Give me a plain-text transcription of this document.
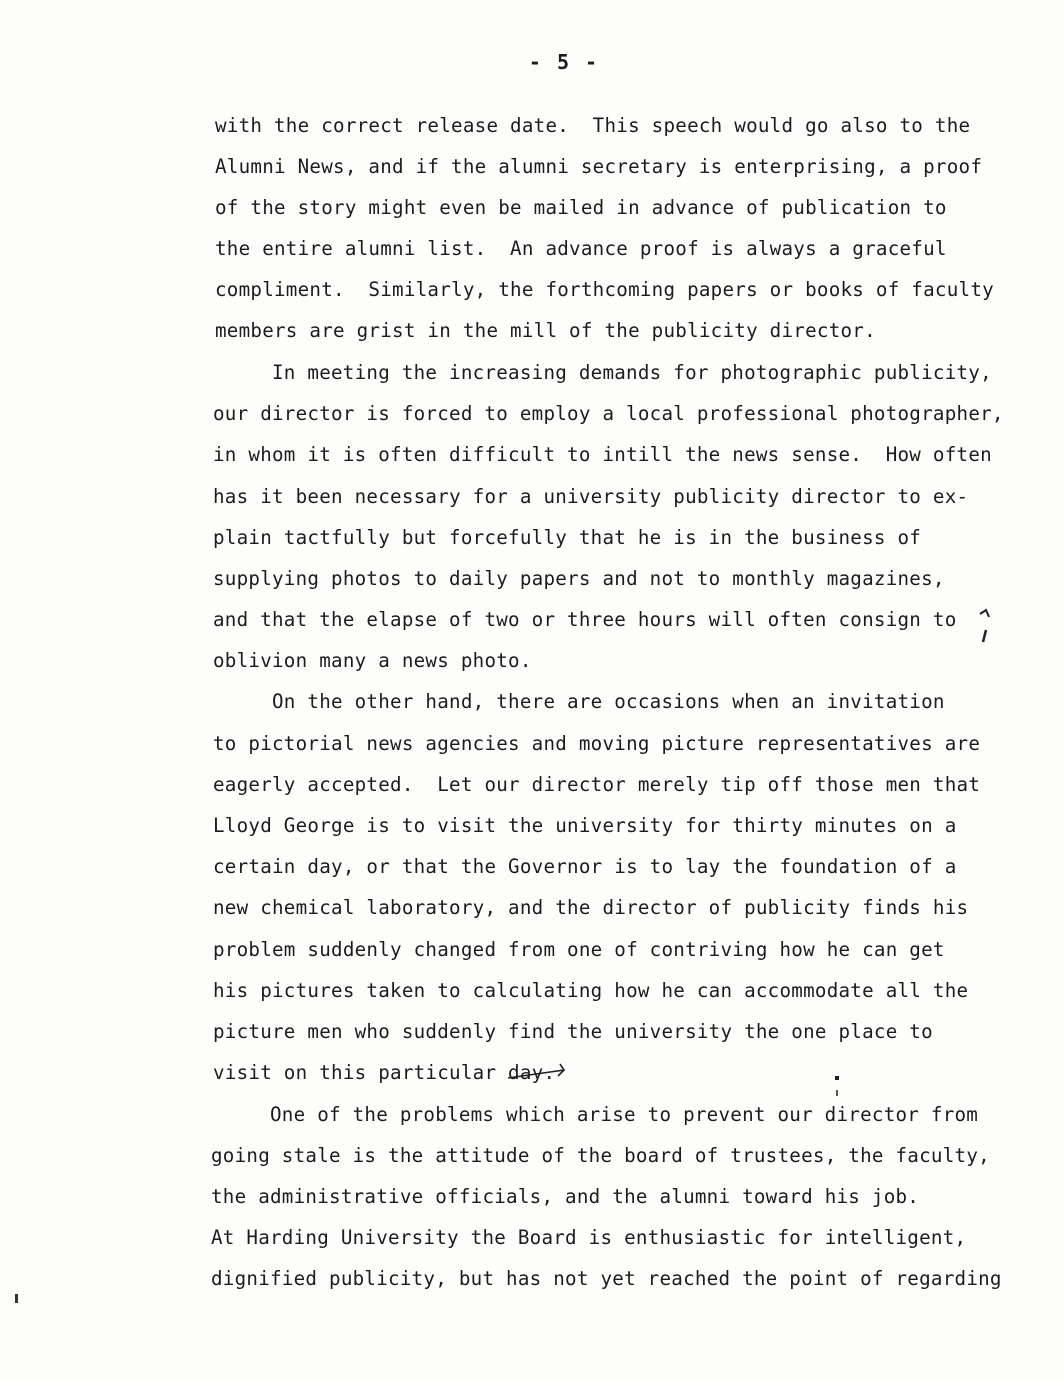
- 5 -
with the correct release date.  This speech would go also to the
Alumni News, and if the alumni secretary is enterprising, a proof
of the story might even be mailed in advance of publication to
the entire alumni list.  An advance proof is always a graceful
compliment.  Similarly, the forthcoming papers or books of faculty
members are grist in the mill of the publicity director.
In meeting the increasing demands for photographic publicity,
our director is forced to employ a local professional photographer,
in whom it is often difficult to intill the news sense.  How often
has it been necessary for a university publicity director to ex-
plain tactfully but forcefully that he is in the business of
supplying photos to daily papers and not to monthly magazines,
and that the elapse of two or three hours will often consign to
oblivion many a news photo.
On the other hand, there are occasions when an invitation
to pictorial news agencies and moving picture representatives are
eagerly accepted.  Let our director merely tip off those men that
Lloyd George is to visit the university for thirty minutes on a
certain day, or that the Governor is to lay the foundation of a
new chemical laboratory, and the director of publicity finds his
problem suddenly changed from one of contriving how he can get
his pictures taken to calculating how he can accommodate all the
picture men who suddenly find the university the one place to
visit on this particular day.
One of the problems which arise to prevent our director from
going stale is the attitude of the board of trustees, the faculty,
the administrative officials, and the alumni toward his job.
At Harding University the Board is enthusiastic for intelligent,
dignified publicity, but has not yet reached the point of regarding
